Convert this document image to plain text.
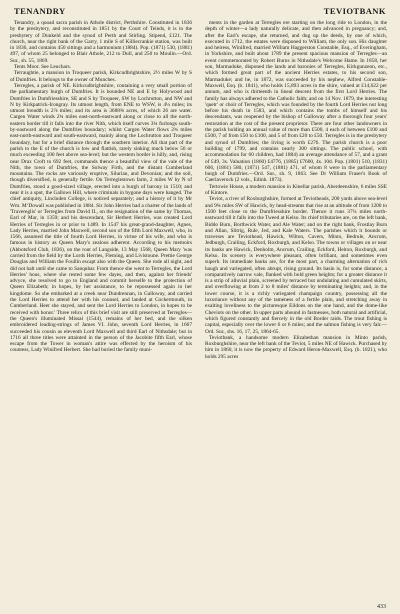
TENANDRY	TEVIOTBANK

Tenandry, a quoad sacra parish in Athole district, Perthshire. Constituted in 1836 by the presbytery, and reconstituted in 1851 by the Court of Teinds, it is in the presbytery of Dunkeld and the synod of Perth and Stirling. Stipend, £121. The church, near the right bank of the Garry, 1 mile S of Killiecrankie station, was built in 1836, and contains 450 sittings and a harmonium (1884). Pop. (1871) 530, (1881) 497, of whom 25 belonged to Blair Athole, 212 to Dull, and 250 to Moulin.—Ord. Sur., sh. 55, 1869.

Tents Moor. See Leuchars.

Terraughtie, a mansion in Troqueer parish, Kirkcudbrightshire, 2½ miles W by S of Dumfries. It belongs to the owner of Munches.

Terregles, a parish of NE. Kirkcudbrightshire, containing a very small portion of the parliamentary burgh of Dumfries. It is bounded NE and E by Holywood and Dumfries in Dumfriesshire, SE and S by Troqueer, SW by Lochrutton, and NW and N by Kirkpatrick-Irongray. Its utmost length, from ENE to WSW, is 4¼ miles; its utmost breadth is 2⅞ miles; and its area is 3688⅜ acres, of which 26 are water. Cargen Water winds 2¾ miles east-north-eastward along or close to all the north-eastern border till it falls into the river Nith, which itself curves 3¾ furlongs south-by-eastward along the Dumfries boundary; whilst Cargen Water flows 2¾ miles east-north-eastward and south-eastward, mainly along the Lochrutton and Troqueer boundary, but for a brief distance through the southern interior. All that part of the parish to the E of the church is low and flattish, rarely sinking much below 50 or much exceeding 100 feet above sea-level; but the western border is hilly, and, rising near Drax Croft to 692 feet, commands thence a beautiful view of the vale of the Nith, the town of Dumfries, the Solway Firth, and the distant Cumberland mountains. The rocks are variously eruptive, Silurian, and Devonian; and the soil, though diversified, is generally fertile. On Terreglestown farm, 2 miles W by N of Dumfries, stood a good-sized village, erected into a burgh of barony in 1510; and near it is a spot, the Gallows Hill, where criminals in bygone days were hanged. The chief antiquity, Lincluden College, is noticed separately; and a history of it by Mr Wm. M‘Dowall was published in 1884. Sir John Herries had a charter of the lands of 'Travereglis' or Terregles from David II., on the resignation of the same by Thomas, Earl of Mar, in 1359; and his descendant, Sir Herbert Herries, was created Lord Herries of Terregles in or prior to 1489. In 1547 his great-grand-daughter, Agnes, Lady Herries, married John Maxwell, second son of the fifth Lord Maxwell, who, in 1566, assumed the title of fourth Lord Herries, in virtue of his wife, and who is famous in history as Queen Mary's zealous adherent. According to his memoirs (Abbotsford Club, 1836), on the rout of Langside, 13 May 1568, Queen Mary 'was carried from the field by the Lords Herries, Fleming, and Livistoune. Prettie George Douglas and William the Foullin escapt also with the Queen. She rode all night, and did not halt until she came to Sanquhar. From thence she went to Terregles, the Lord Herries' hous, where she rested some few dayes, and then, against her friends' advyce, she resolved to go to England and commit herselfe to the protection of Queen Elizabeth; in hopes, by her assistance, to be repossessed again in her kingdome. So she embarked at a creek near Dundrennan, in Galloway, and carried the Lord Herries to attend her with his counsel, and landed at Cockermouth, in Cumberland. Heer she stayed, and sent the Lord Herries to London, in hopes to be received with honor.' Three relics of this brief visit are still preserved at Terregles—the Queen's illuminated Missal (1544), remains of her bed, and the silken embroidered leading-strings of James VI. John, seventh Lord Herries, in 1667 succeeded his cousin as eleventh Lord Maxwell and third Earl of Nithsdale; but in 1716 all three titles were attainted in the person of the Jacobite fifth Earl, whose escape from the Tower in woman's attire was effected by the heroism of his countess, Lady Winifred Herbert. She had buried the family muni-

ments in the garden at Terregles ere starting on the long ride to London, in the depth of winter—a lady naturally delicate, and then advanced in pregnancy; and, after the Earl's escape, she returned, and dug up the deeds, by one of which, executed in 1712, the estates were disponed to William, the only son. His daughter and heiress, Winifred, married William Haggerston Constable, Esq., of Everingham, in Yorkshire, and built about 1789 the present spacious mansion of Terregles—an event commemorated by Robert Burns in Nithsdale's Welcome Hame. In 1858, her son, Marmaduke, disponed the lands and baronies of Terregles, Kirkgunzeon, etc., which formed great part of the ancient Herries estates, to his second son, Marmaduke; and he, in 1872, was succeeded by his nephew, Alfred Constable-Maxwell, Esq. (b. 1841), who holds 15,893 acres in the shire, valued at £14,622 per annum, and who is thirteenth in lineal descent from the first Lord Herries. The family has always adhered to the Catholic faith; and on 14 Nov. 1879, the interesting 'quetr' or choir of Terregles, which was founded by the fourth Lord Herries not long before his death in 1583, and which contains the tombs of himself and his descendants, was reopened by the bishop of Galloway after a thorough four years' restoration at the cost of the present proprietor. There are four other landowners in the parish holding an annual value of more than £500, 4 each of between £100 and £500, 7 of from £50 to £100, and 5 of from £20 to £50. Terregles is in the presbytery and synod of Dumfries; the living is worth £276. The parish church is a poor building of 1799, and contains nearly 300 sittings. The public school, with accommodation for 60 children, had 1884) an average attendance of 57, and a grant of £49, 3s. Valuation (1860) £4776, (1885) £7600, 4s. 10d. Pop. (1801) 510, (1831) 606, (1861) 580, (1871) 547, (1881) 471, of whom 8 were in the parliamentary burgh of Dumfries.—Ord. Sur., sh. 9, 1863. See Dr William Fraser's Book of Caerlaverock (2 vols., Edinb. 1873).

Tertowie House, a modern mansion in Kinellar parish, Aberdeenshire, 6 miles SSE of Kintore.

Teviot, a river of Roxburghshire, formed at Teviotheads, 200 yards above sea-level and 9¾ miles SW of Hawick, by head-streams that rise at an altitude of from 1200 to 1500 feet close to the Dumfriesshire border. Thence it runs 37¼ miles north-eastward till it falls into the Tweed at Kelso. Its chief tributaries are, on the left bank, Biddo Burn, Borthwick Water, and Ale Water; and on the right bank, Frostlay Burn and Allan, Slitrig, Rule, Jed, and Kale Waters. The parishes which it bounds or traverses are Teviothead, Hawick, Wilton, Cavers, Minto, Bedrule, Ancrum, Jedburgh, Crailing, Eckford, Roxburgh, and Kelso. The towns or villages on or near its banks are Hawick, Denholm, Ancrum, Crailing, Eckford, Heiton, Roxburgh, and Kelso. Its scenery is everywhere pleasant, often brilliant, and sometimes even superb. Its immediate banks are, for the most part, a charming alternation of rich haugh and variegated, often abrupt, rising ground. Its basin is, for some distance, a comparatively narrow vale, flanked with bold green heights; for a greater distance it is a strip of alluvial plain, screened by terraced but undulating and cumulated skirts, and overflowing at from 2 to 8 miles' distance by terminating heights; and, in the lower course, it is a richly variegated champaign country, possessing all the luxuriance without any of the tameness of a fertile plain, and stretching away in exalting loveliness to the picturesque Eildons on the one hand, and the dome-like Cheviots on the other. In upper parts abound in fastnesses, both natural and artificial, which figured constantly and fiercely in the old Border raids. The trout fishing is capital, especially over the lower 6 or 6 miles; and the salmon fishing is very fair.—Ord. Sur., shs. 16, 17, 25, 1864-65.

Teviotbank, a handsome modern Elizabethan mansion in Minto parish, Roxburghshire, near the left bank of the Teviot, 5 miles NE of Hawick. Purchased by him in 1860, it is now the property of Edward Heron-Maxwell, Esq. (b. 1821), who holds 295 acres

433
